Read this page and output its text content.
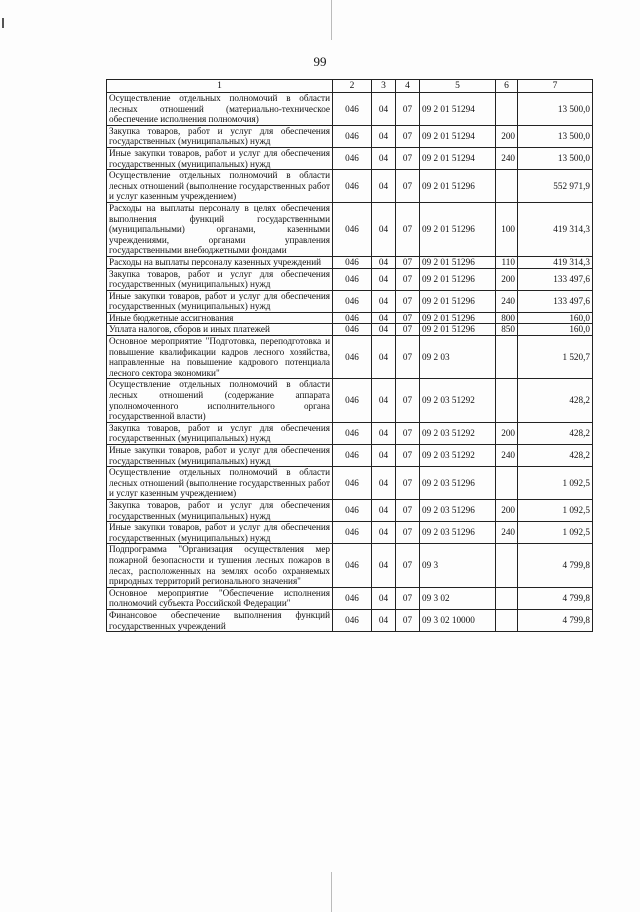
99
1	2	3	4	5	6	7
Осуществление отдельных полномочий в области лесных отношений (материально-техническое обеспечение исполнения полномочия)	046	04	07	09 2 01 51294		13 500,0
Закупка товаров, работ и услуг для обеспечения государственных (муниципальных) нужд	046	04	07	09 2 01 51294	200	13 500,0
Иные закупки товаров, работ и услуг для обеспечения государственных (муниципальных) нужд	046	04	07	09 2 01 51294	240	13 500,0
Осуществление отдельных полномочий в области лесных отношений (выполнение государственных работ и услуг казенным учреждением)	046	04	07	09 2 01 51296		552 971,9
Расходы на выплаты персоналу в целях обеспечения выполнения функций государственными (муниципальными) органами, казенными учреждениями, органами управления государственными внебюджетными фондами	046	04	07	09 2 01 51296	100	419 314,3
Расходы на выплаты персоналу казенных учреждений	046	04	07	09 2 01 51296	110	419 314,3
Закупка товаров, работ и услуг для обеспечения государственных (муниципальных) нужд	046	04	07	09 2 01 51296	200	133 497,6
Иные закупки товаров, работ и услуг для обеспечения государственных (муниципальных) нужд	046	04	07	09 2 01 51296	240	133 497,6
Иные бюджетные ассигнования	046	04	07	09 2 01 51296	800	160,0
Уплата налогов, сборов и иных платежей	046	04	07	09 2 01 51296	850	160,0
Основное мероприятие "Подготовка, переподготовка и повышение квалификации кадров лесного хозяйства, направленные на повышение кадрового потенциала лесного сектора экономики"	046	04	07	09 2 03		1 520,7
Осуществление отдельных полномочий в области лесных отношений (содержание аппарата уполномоченного исполнительного органа государственной власти)	046	04	07	09 2 03 51292		428,2
Закупка товаров, работ и услуг для обеспечения государственных (муниципальных) нужд	046	04	07	09 2 03 51292	200	428,2
Иные закупки товаров, работ и услуг для обеспечения государственных (муниципальных) нужд	046	04	07	09 2 03 51292	240	428,2
Осуществление отдельных полномочий в области лесных отношений (выполнение государственных работ и услуг казенным учреждением)	046	04	07	09 2 03 51296		1 092,5
Закупка товаров, работ и услуг для обеспечения государственных (муниципальных) нужд	046	04	07	09 2 03 51296	200	1 092,5
Иные закупки товаров, работ и услуг для обеспечения государственных (муниципальных) нужд	046	04	07	09 2 03 51296	240	1 092,5
Подпрограмма "Организация осуществления мер пожарной безопасности и тушения лесных пожаров в лесах, расположенных на землях особо охраняемых природных территорий регионального значения"	046	04	07	09 3		4 799,8
Основное мероприятие "Обеспечение исполнения полномочий субъекта Российской Федерации"	046	04	07	09 3 02		4 799,8
Финансовое обеспечение выполнения функций государственных учреждений	046	04	07	09 3 02 10000		4 799,8
